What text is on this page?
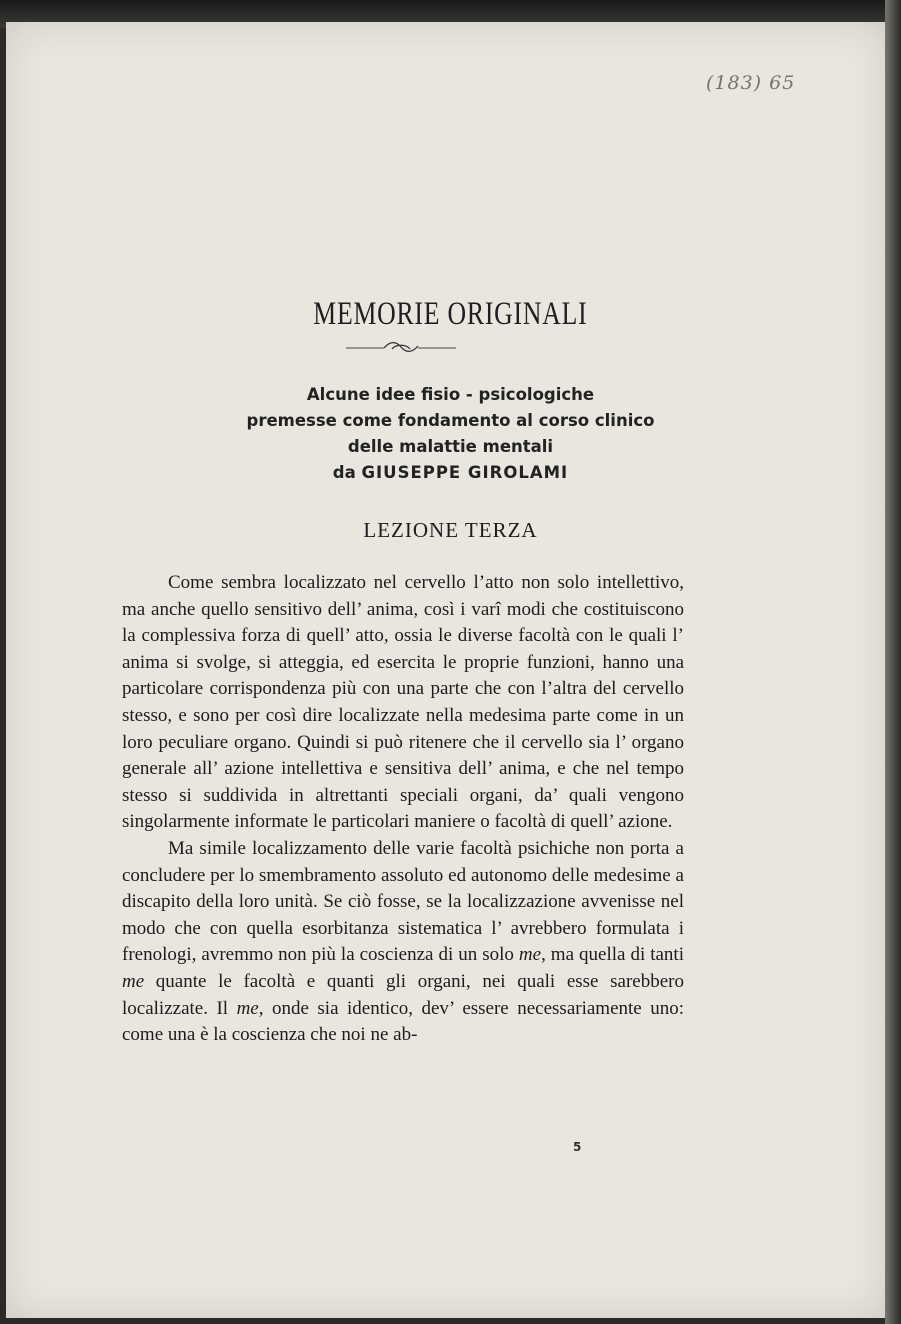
(183) 65
MEMORIE ORIGINALI
Alcune idee fisio - psicologiche
premesse come fondamento al corso clinico
delle malattie mentali
da GIUSEPPE GIROLAMI
LEZIONE TERZA

Come sembra localizzato nel cervello l’atto non solo intellettivo, ma anche quello sensitivo dell’ anima, così i varî modi che costituiscono la complessiva forza di quell’ atto, ossia le diverse facoltà con le quali l’ anima si svolge, si atteggia, ed esercita le proprie funzioni, hanno una particolare corrispondenza più con una parte che con l’altra del cervello stesso, e sono per così dire localizzate nella medesima parte come in un loro peculiare organo. Quindi si può ritenere che il cervello sia l’ organo generale all’ azione intellettiva e sensitiva dell’ anima, e che nel tempo stesso si suddivida in altrettanti speciali organi, da’ quali vengono singolarmente informate le particolari maniere o facoltà di quell’ azione.

Ma simile localizzamento delle varie facoltà psichiche non porta a concludere per lo smembramento assoluto ed autonomo delle medesime a discapito della loro unità. Se ciò fosse, se la localizzazione avvenisse nel modo che con quella esorbitanza sistematica l’ avrebbero formulata i frenologi, avremmo non più la coscienza di un solo me, ma quella di tanti me quante le facoltà e quanti gli organi, nei quali esse sarebbero localizzate. Il me, onde sia identico, dev’ essere necessariamente uno: come una è la coscienza che noi ne ab-

5
